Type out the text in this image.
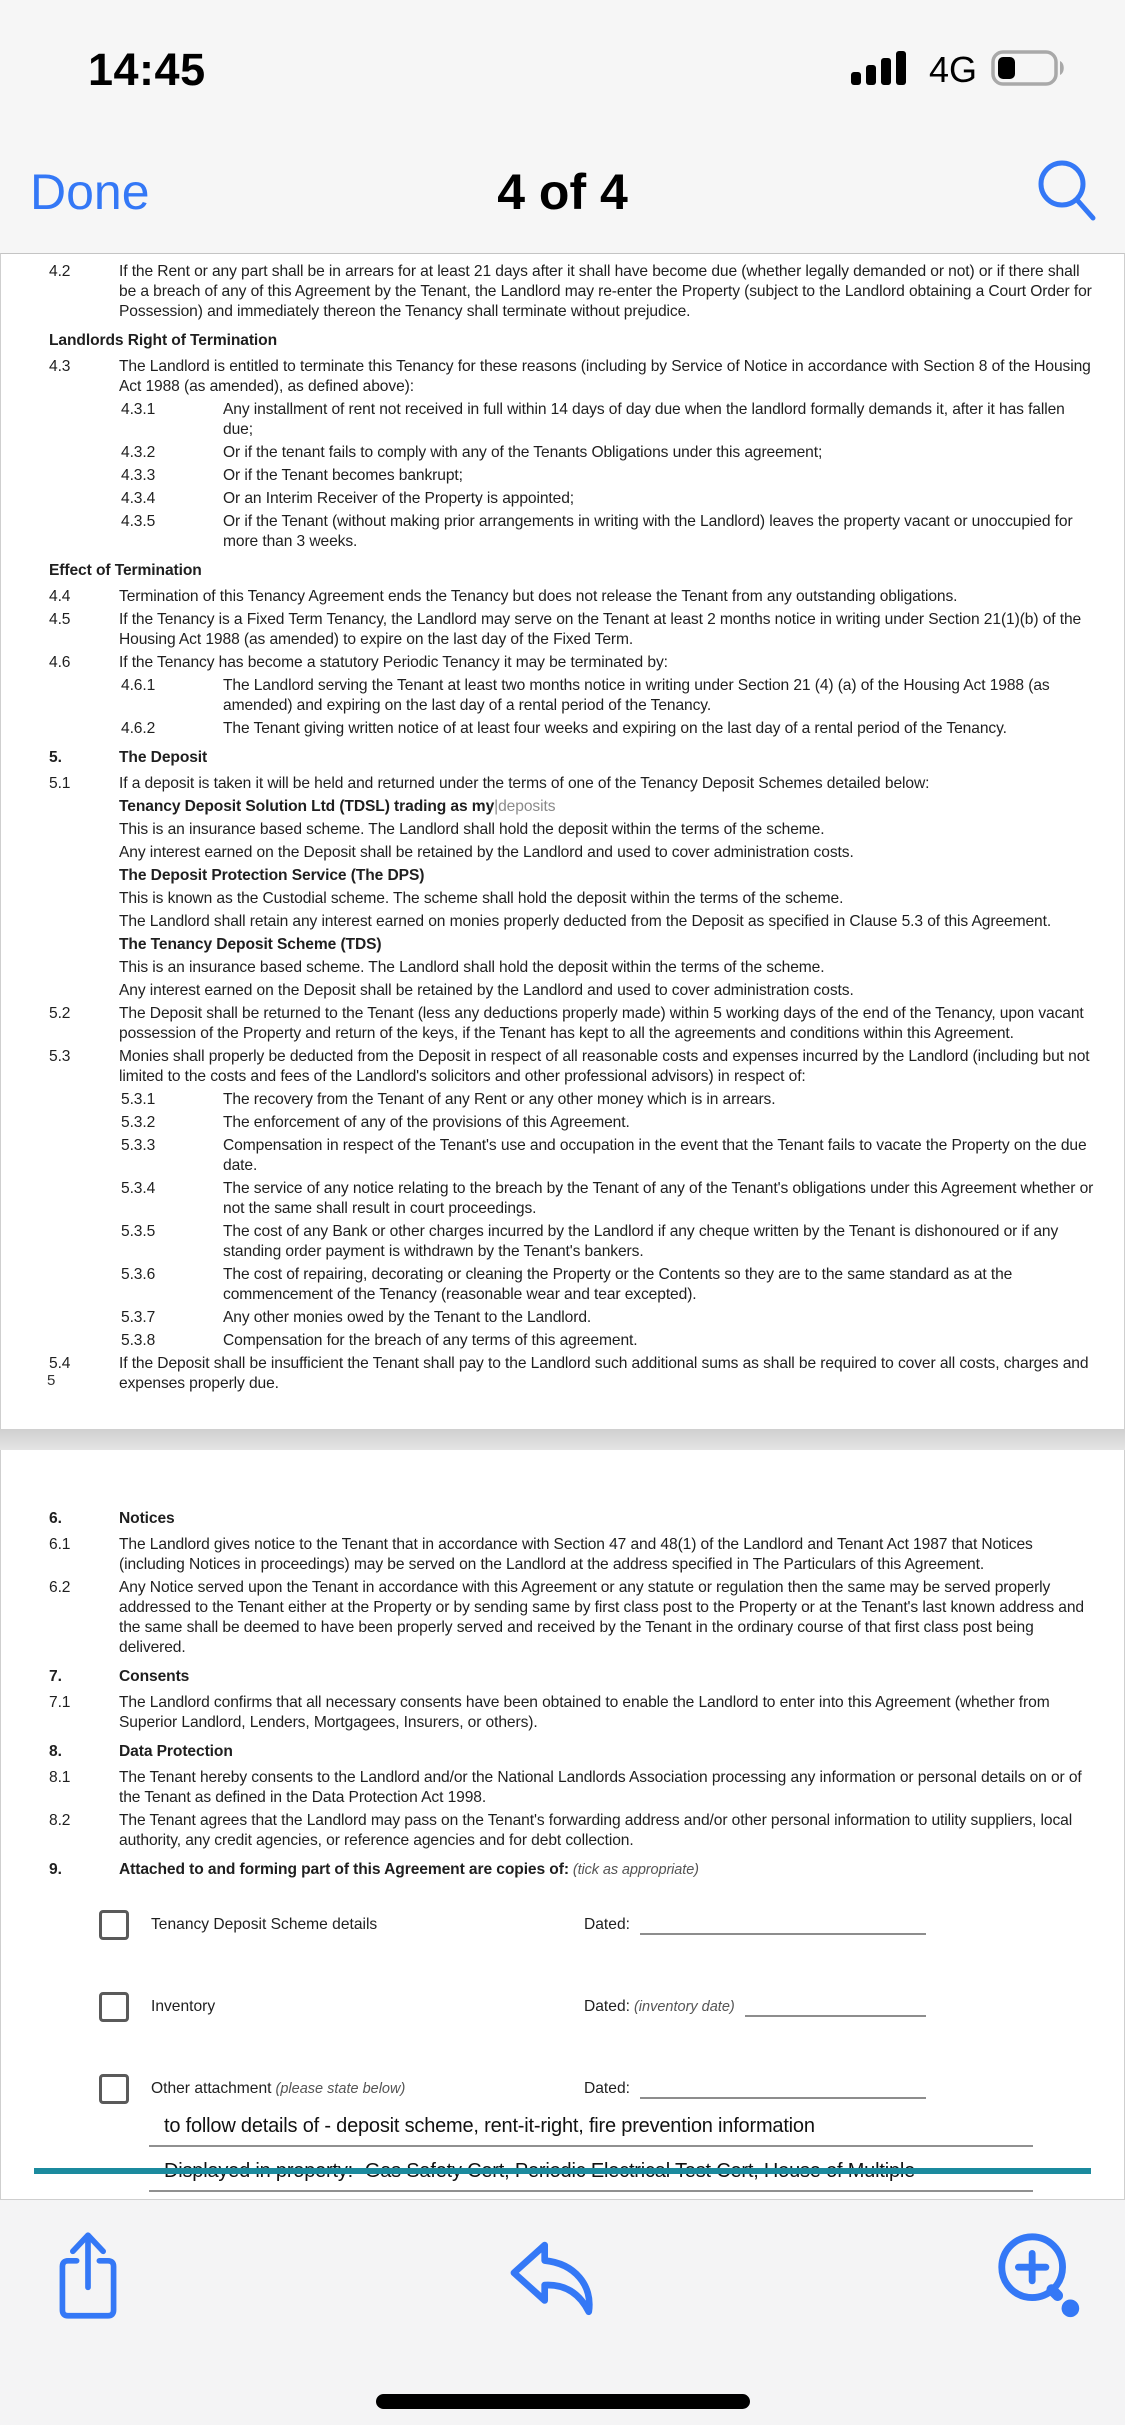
14:45	4G
4 of 4
Done
4.2	If the Rent or any part shall be in arrears for at least 21 days after it shall have become due (whether legally demanded or not) or if there shall be a breach of any of this Agreement by the Tenant, the Landlord may re-enter the Property (subject to the Landlord obtaining a Court Order for Possession) and immediately thereon the Tenancy shall terminate without prejudice.
Landlords Right of Termination
4.3	The Landlord is entitled to terminate this Tenancy for these reasons (including by Service of Notice in accordance with Section 8 of the Housing Act 1988 (as amended), as defined above):
4.3.1	Any installment of rent not received in full within 14 days of day due when the landlord formally demands it, after it has fallen due;
4.3.2	Or if the tenant fails to comply with any of the Tenants Obligations under this agreement;
4.3.3	Or if the Tenant becomes bankrupt;
4.3.4	Or an Interim Receiver of the Property is appointed;
4.3.5	Or if the Tenant (without making prior arrangements in writing with the Landlord) leaves the property vacant or unoccupied for more than 3 weeks.
Effect of Termination
4.4	Termination of this Tenancy Agreement ends the Tenancy but does not release the Tenant from any outstanding obligations.
4.5	If the Tenancy is a Fixed Term Tenancy, the Landlord may serve on the Tenant at least 2 months notice in writing under Section 21(1)(b) of the Housing Act 1988 (as amended) to expire on the last day of the Fixed Term.
4.6	If the Tenancy has become a statutory Periodic Tenancy it may be terminated by:
4.6.1	The Landlord serving the Tenant at least two months notice in writing under Section 21 (4) (a) of the Housing Act 1988 (as amended) and expiring on the last day of a rental period of the Tenancy.
4.6.2	The Tenant giving written notice of at least four weeks and expiring on the last day of a rental period of the Tenancy.
5.	The Deposit
5.1	If a deposit is taken it will be held and returned under the terms of one of the Tenancy Deposit Schemes detailed below:
Tenancy Deposit Solution Ltd (TDSL) trading as my|deposits
This is an insurance based scheme. The Landlord shall hold the deposit within the terms of the scheme.
Any interest earned on the Deposit shall be retained by the Landlord and used to cover administration costs.
The Deposit Protection Service (The DPS)
This is known as the Custodial scheme. The scheme shall hold the deposit within the terms of the scheme.
The Landlord shall retain any interest earned on monies properly deducted from the Deposit as specified in Clause 5.3 of this Agreement.
The Tenancy Deposit Scheme (TDS)
This is an insurance based scheme. The Landlord shall hold the deposit within the terms of the scheme.
Any interest earned on the Deposit shall be retained by the Landlord and used to cover administration costs.
5.2	The Deposit shall be returned to the Tenant (less any deductions properly made) within 5 working days of the end of the Tenancy, upon vacant possession of the Property and return of the keys, if the Tenant has kept to all the agreements and conditions within this Agreement.
5.3	Monies shall properly be deducted from the Deposit in respect of all reasonable costs and expenses incurred by the Landlord (including but not limited to the costs and fees of the Landlord's solicitors and other professional advisors) in respect of:
5.3.1	The recovery from the Tenant of any Rent or any other money which is in arrears.
5.3.2	The enforcement of any of the provisions of this Agreement.
5.3.3	Compensation in respect of the Tenant's use and occupation in the event that the Tenant fails to vacate the Property on the due date.
5.3.4	The service of any notice relating to the breach by the Tenant of any of the Tenant's obligations under this Agreement whether or not the same shall result in court proceedings.
5.3.5	The cost of any Bank or other charges incurred by the Landlord if any cheque written by the Tenant is dishonoured or if any standing order payment is withdrawn by the Tenant's bankers.
5.3.6	The cost of repairing, decorating or cleaning the Property or the Contents so they are to the same standard as at the commencement of the Tenancy (reasonable wear and tear excepted).
5.3.7	Any other monies owed by the Tenant to the Landlord.
5.3.8	Compensation for the breach of any terms of this agreement.
5.4	If the Deposit shall be insufficient the Tenant shall pay to the Landlord such additional sums as shall be required to cover all costs, charges and expenses properly due.
5
6.	Notices
6.1	The Landlord gives notice to the Tenant that in accordance with Section 47 and 48(1) of the Landlord and Tenant Act 1987 that Notices (including Notices in proceedings) may be served on the Landlord at the address specified in The Particulars of this Agreement.
6.2	Any Notice served upon the Tenant in accordance with this Agreement or any statute or regulation then the same may be served properly addressed to the Tenant either at the Property or by sending same by first class post to the Property or at the Tenant's last known address and the same shall be deemed to have been properly served and received by the Tenant in the ordinary course of that first class post being delivered.
7.	Consents
7.1	The Landlord confirms that all necessary consents have been obtained to enable the Landlord to enter into this Agreement (whether from Superior Landlord, Lenders, Mortgagees, Insurers, or others).
8.	Data Protection
8.1	The Tenant hereby consents to the Landlord and/or the National Landlords Association processing any information or personal details on or of the Tenant as defined in the Data Protection Act 1998.
8.2	The Tenant agrees that the Landlord may pass on the Tenant's forwarding address and/or other personal information to utility suppliers, local authority, any credit agencies, or reference agencies and for debt collection.
9.	Attached to and forming part of this Agreement are copies of: (tick as appropriate)
Tenancy Deposit Scheme details	Dated:
Inventory	Dated: (inventory date)
Other attachment (please state below)	Dated:
to follow details of - deposit scheme, rent-it-right, fire prevention information
